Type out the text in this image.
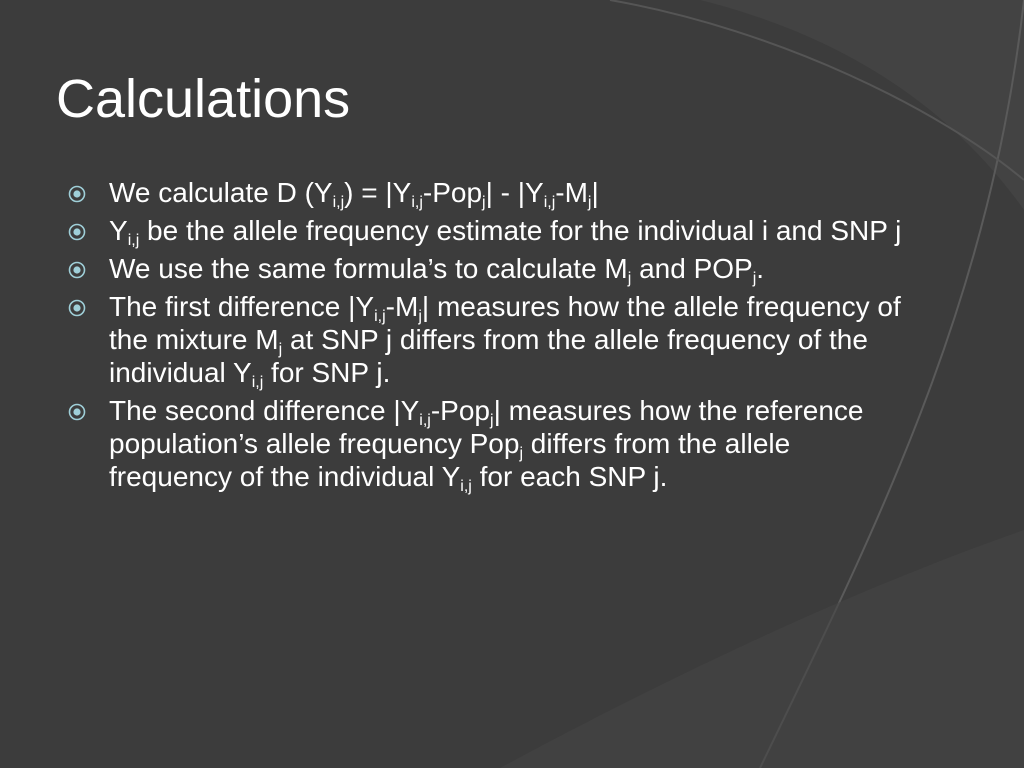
Calculations
We calculate D $(Y_{i,j}) = |Y_{i,j}-Pop_j| - |Y_{i,j}-M_j|$
$Y_{i,j}$ be the allele frequency estimate for the individual i and SNP j
We use the same formula’s to calculate $M_j$ and $POP_j$.
The first difference $|Y_{i,j}-M_j|$ measures how the allele frequency of the mixture $M_j$ at SNP j differs from the allele frequency of the individual $Y_{i,j}$ for SNP j.
The second difference $|Y_{i,j}-Pop_j|$ measures how the reference population’s allele frequency Pop$_j$ differs from the allele frequency of the individual $Y_{i,j}$ for each SNP j.
